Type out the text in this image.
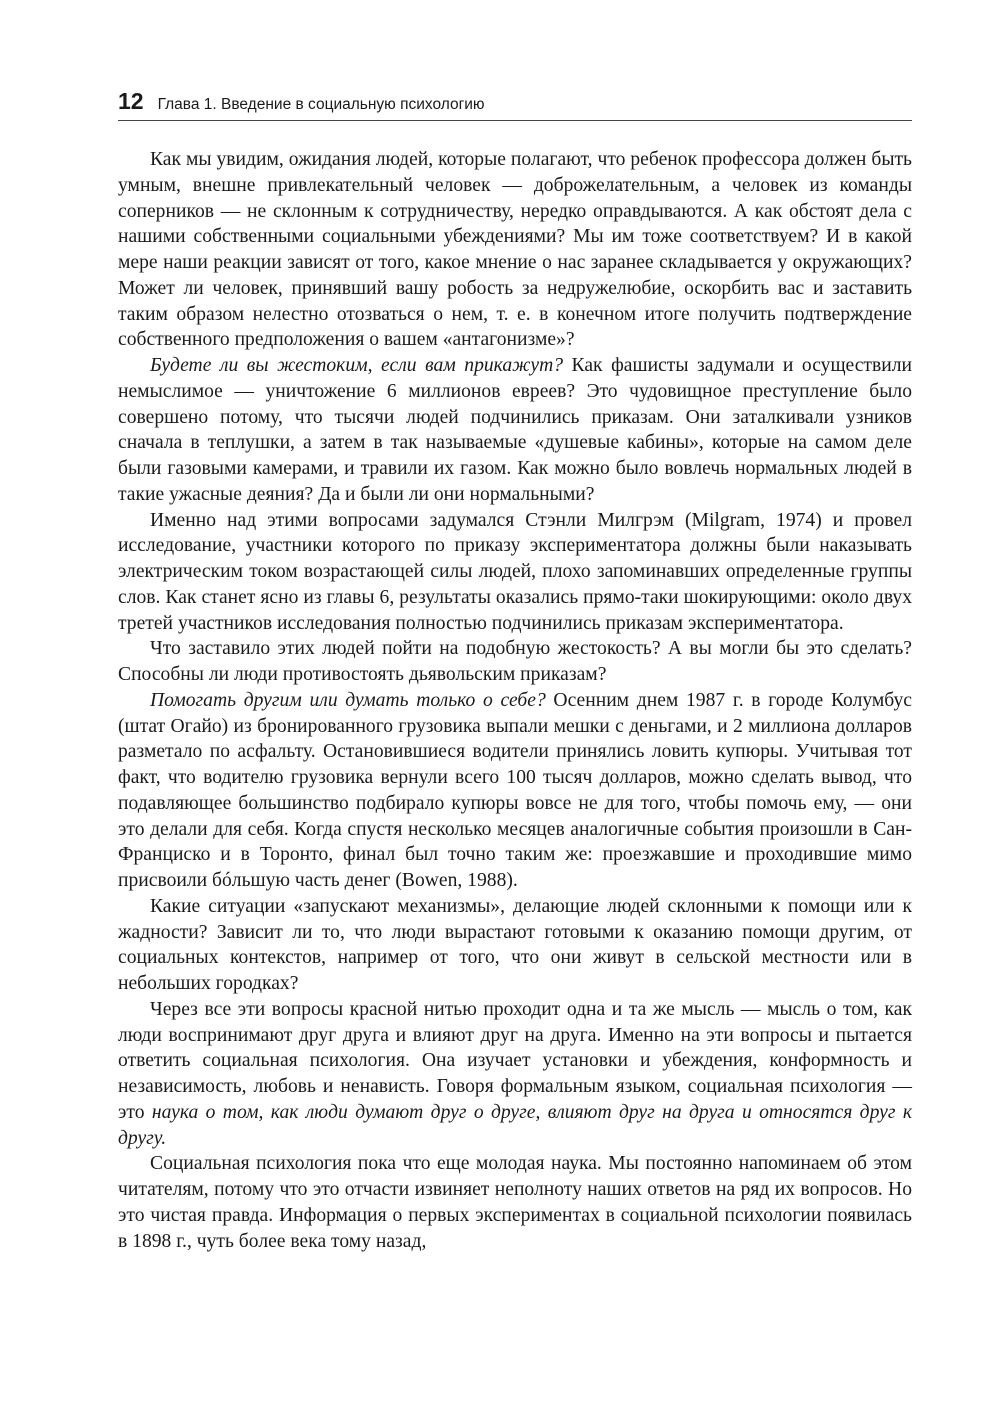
12 Глава 1. Введение в социальную психологию

Как мы увидим, ожидания людей, которые полагают, что ребенок профессора должен быть умным, внешне привлекательный человек — доброжелательным, а человек из команды соперников — не склонным к сотрудничеству, нередко оправдываются. А как обстоят дела с нашими собственными социальными убеждениями? Мы им тоже соответствуем? И в какой мере наши реакции зависят от того, какое мнение о нас заранее складывается у окружающих? Может ли человек, принявший вашу робость за недружелюбие, оскорбить вас и заставить таким образом нелестно отозваться о нем, т. е. в конечном итоге получить подтверждение собственного предположения о вашем «антагонизме»?

Будете ли вы жестоким, если вам прикажут? Как фашисты задумали и осуществили немыслимое — уничтожение 6 миллионов евреев? Это чудовищное преступление было совершено потому, что тысячи людей подчинились приказам. Они заталкивали узников сначала в теплушки, а затем в так называемые «душевые кабины», которые на самом деле были газовыми камерами, и травили их газом. Как можно было вовлечь нормальных людей в такие ужасные деяния? Да и были ли они нормальными?

Именно над этими вопросами задумался Стэнли Милгрэм (Milgram, 1974) и провел исследование, участники которого по приказу экспериментатора должны были наказывать электрическим током возрастающей силы людей, плохо запоминавших определенные группы слов. Как станет ясно из главы 6, результаты оказались прямо-таки шокирующими: около двух третей участников исследования полностью подчинились приказам экспериментатора.

Что заставило этих людей пойти на подобную жестокость? А вы могли бы это сделать? Способны ли люди противостоять дьявольским приказам?

Помогать другим или думать только о себе? Осенним днем 1987 г. в городе Колумбус (штат Огайо) из бронированного грузовика выпали мешки с деньгами, и 2 миллиона долларов разметало по асфальту. Остановившиеся водители принялись ловить купюры. Учитывая тот факт, что водителю грузовика вернули всего 100 тысяч долларов, можно сделать вывод, что подавляющее большинство подбирало купюры вовсе не для того, чтобы помочь ему, — они это делали для себя. Когда спустя несколько месяцев аналогичные события произошли в Сан-Франциско и в Торонто, финал был точно таким же: проезжавшие и проходившие мимо присвоили бóльшую часть денег (Bowen, 1988).

Какие ситуации «запускают механизмы», делающие людей склонными к помощи или к жадности? Зависит ли то, что люди вырастают готовыми к оказанию помощи другим, от социальных контекстов, например от того, что они живут в сельской местности или в небольших городках?

Через все эти вопросы красной нитью проходит одна и та же мысль — мысль о том, как люди воспринимают друг друга и влияют друг на друга. Именно на эти вопросы и пытается ответить социальная психология. Она изучает установки и убеждения, конформность и независимость, любовь и ненависть. Говоря формальным языком, социальная психология — это наука о том, как люди думают друг о друге, влияют друг на друга и относятся друг к другу.

Социальная психология пока что еще молодая наука. Мы постоянно напоминаем об этом читателям, потому что это отчасти извиняет неполноту наших ответов на ряд их вопросов. Но это чистая правда. Информация о первых экспериментах в социальной психологии появилась в 1898 г., чуть более века тому назад,
